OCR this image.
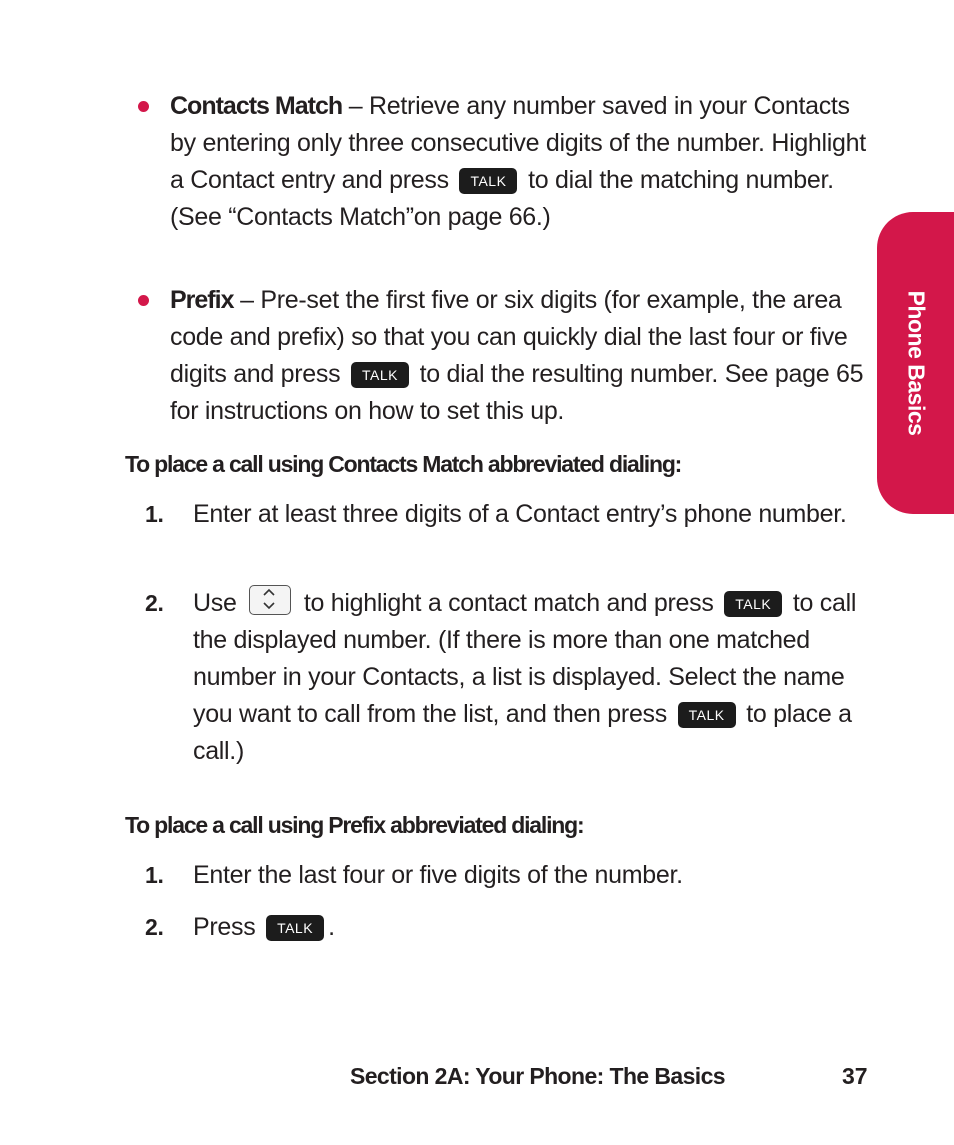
Contacts Match – Retrieve any number saved in your Contacts by entering only three consecutive digits of the number. Highlight a Contact entry and press TALK to dial the matching number. (See “Contacts Match”on page 66.)
Prefix – Pre-set the first five or six digits (for example, the area code and prefix) so that you can quickly dial the last four or five digits and press TALK to dial the resulting number. See page 65 for instructions on how to set this up.
To place a call using Contacts Match abbreviated dialing:
1. Enter at least three digits of a Contact entry’s phone number.
2. Use	to highlight a contact match and press TALK to call the displayed number. (If there is more than one matched number in your Contacts, a list is displayed. Select the name you want to call from the list, and then press TALK to place a call.)
To place a call using Prefix abbreviated dialing:
1. Enter the last four or five digits of the number.
2. Press TALK .
Phone Basics
Section 2A: Your Phone: The Basics	37
